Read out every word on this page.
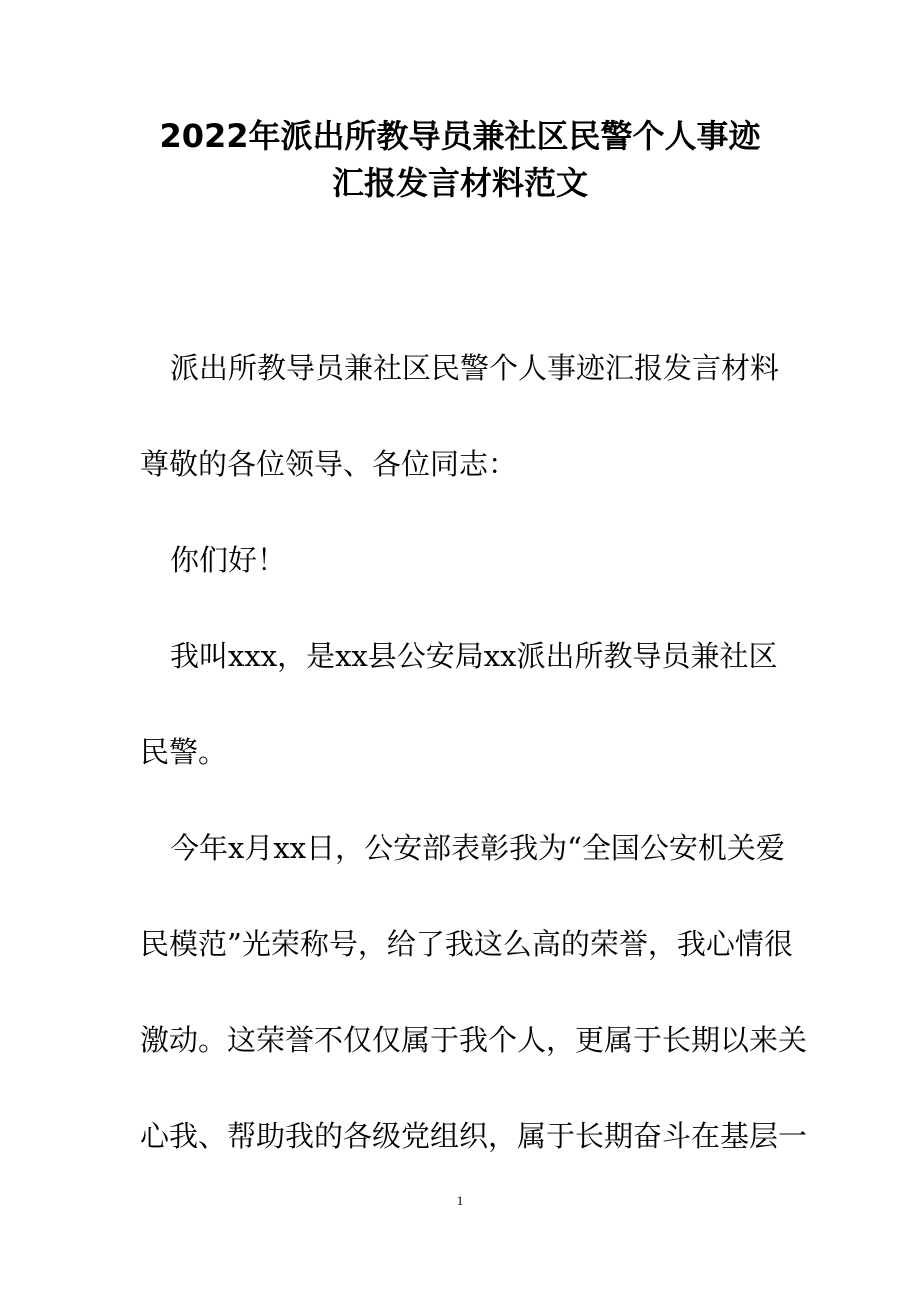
2022年派出所教导员兼社区民警个人事迹
汇报发言材料范文
派出所教导员兼社区民警个人事迹汇报发言材料
尊敬的各位领导、各位同志：
你们好！
我叫xxx，是xx县公安局xx派出所教导员兼社区
民警。
今年x月xx日，公安部表彰我为“全国公安机关爱
民模范”光荣称号，给了我这么高的荣誉，我心情很
激动。这荣誉不仅仅属于我个人，更属于长期以来关
心我、帮助我的各级党组织，属于长期奋斗在基层一
1
